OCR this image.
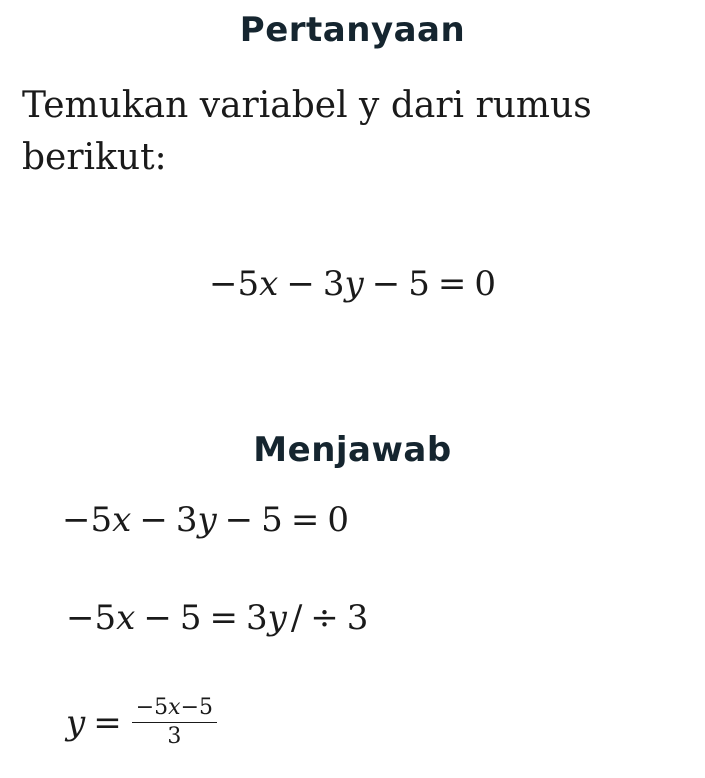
Pertanyaan
Temukan variabel y dari rumus berikut:
−5x − 3y − 5 = 0
Menjawab
−5x − 3y − 5 = 0
−5x − 5 = 3y / ÷ 3
$y = \frac{-5x-5}{3}$
